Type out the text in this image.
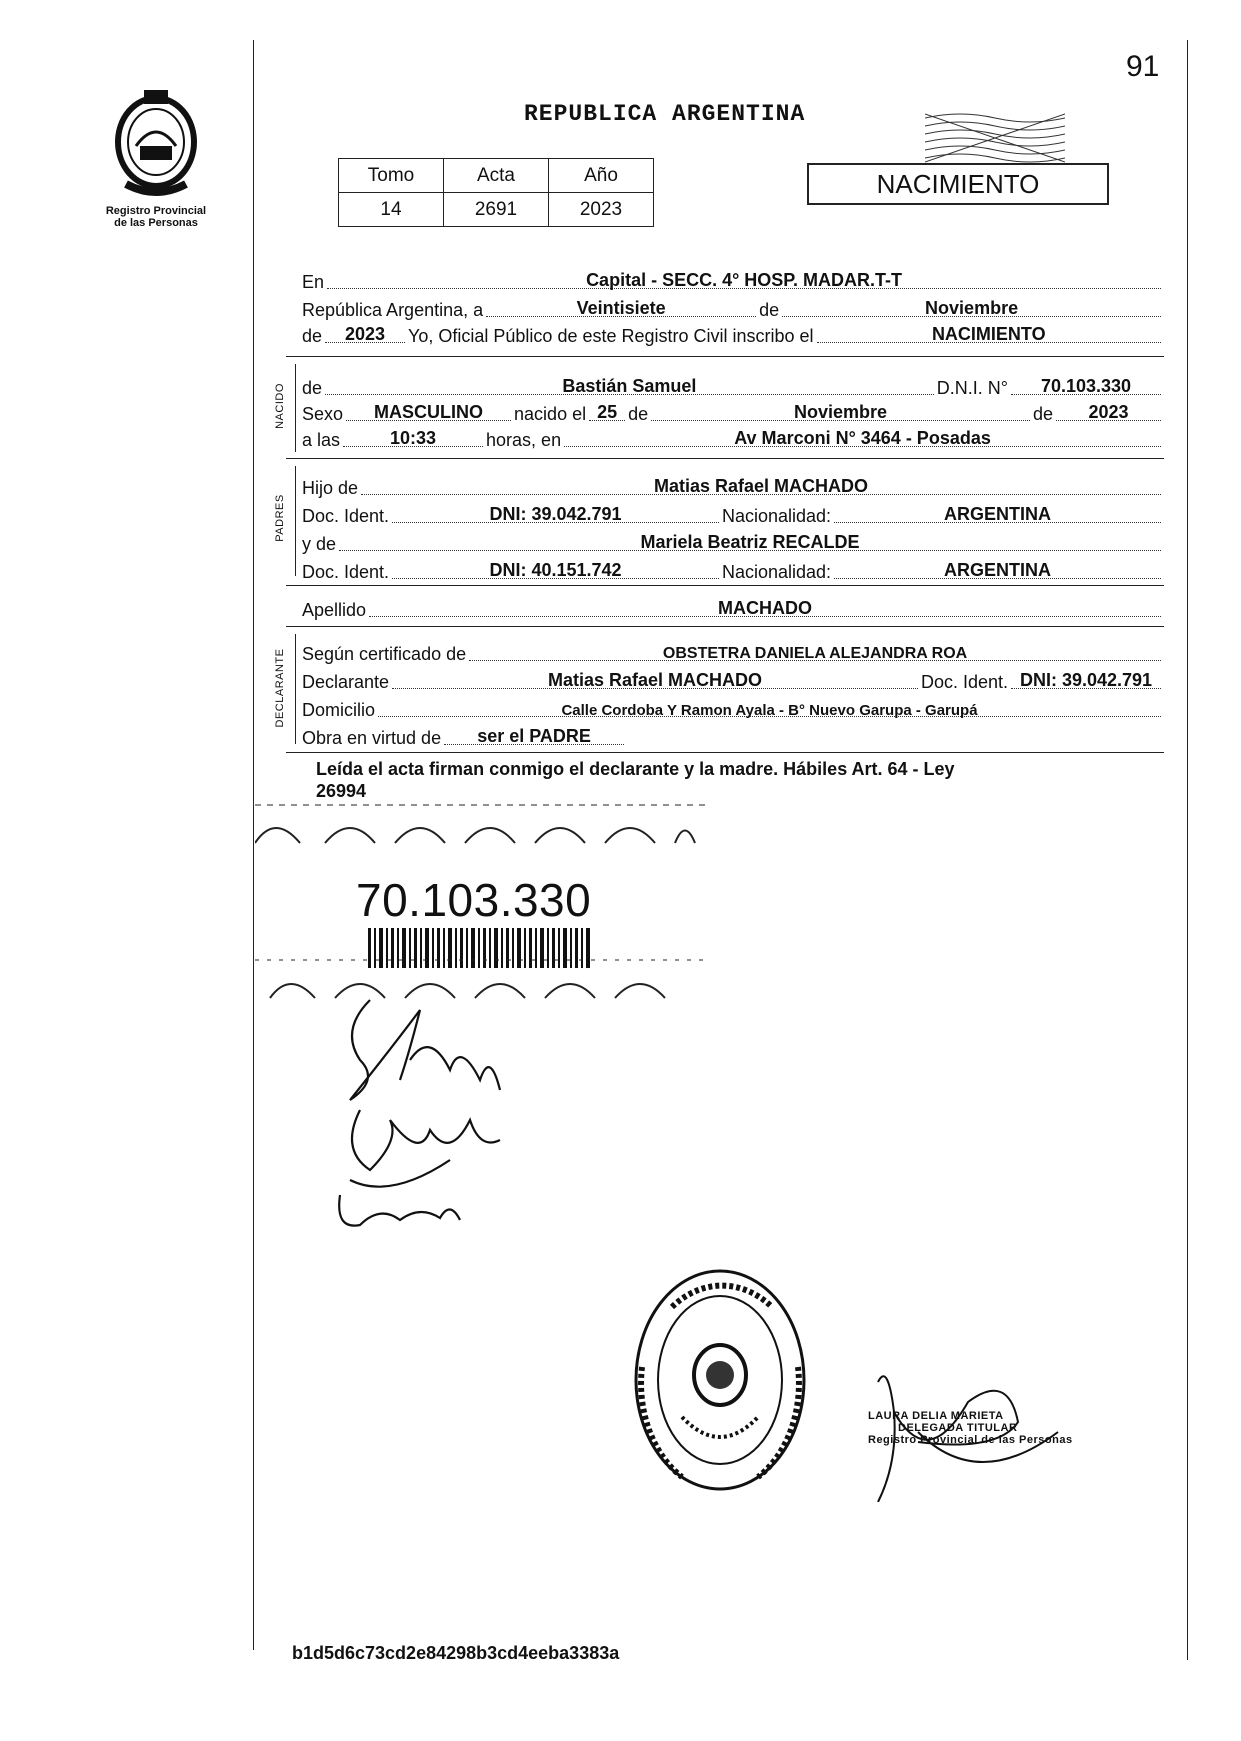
91
Registro Provincial
de las Personas
REPUBLICA ARGENTINA
Tomo	Acta	Año
14	2691	2023
NACIMIENTO
En	Capital - SECC. 4° HOSP. MADAR.T-T
República Argentina, a	Veintisiete	de	Noviembre
de	2023	Yo, Oficial Público de este Registro Civil inscribo el	NACIMIENTO
NACIDO de	Bastián Samuel	D.N.I. N°	70.103.330
Sexo	MASCULINO	nacido el 25 de	Noviembre	de	2023
a las	10:33	horas, en	Av Marconi N° 3464 - Posadas
PADRES
Hijo de	Matias Rafael MACHADO
Doc. Ident.	DNI: 39.042.791	Nacionalidad:	ARGENTINA
y de	Mariela Beatriz RECALDE
Doc. Ident.	DNI: 40.151.742	Nacionalidad:	ARGENTINA
Apellido	MACHADO
DECLARANTE Según certificado de	OBSTETRA DANIELA ALEJANDRA ROA
Declarante	Matias Rafael MACHADO	Doc. Ident. DNI: 39.042.791
Domicilio	Calle Cordoba Y Ramon Ayala - B° Nuevo Garupa - Garupá
Obra en virtud de	ser el PADRE
Leída el acta firman conmigo el declarante y la madre. Hábiles Art. 64 - Ley
26994
70.103.330
LAURA DELIA MARIETA
DELEGADA TITULAR
Registro Provincial de las Personas
b1d5d6c73cd2e84298b3cd4eeba3383a
